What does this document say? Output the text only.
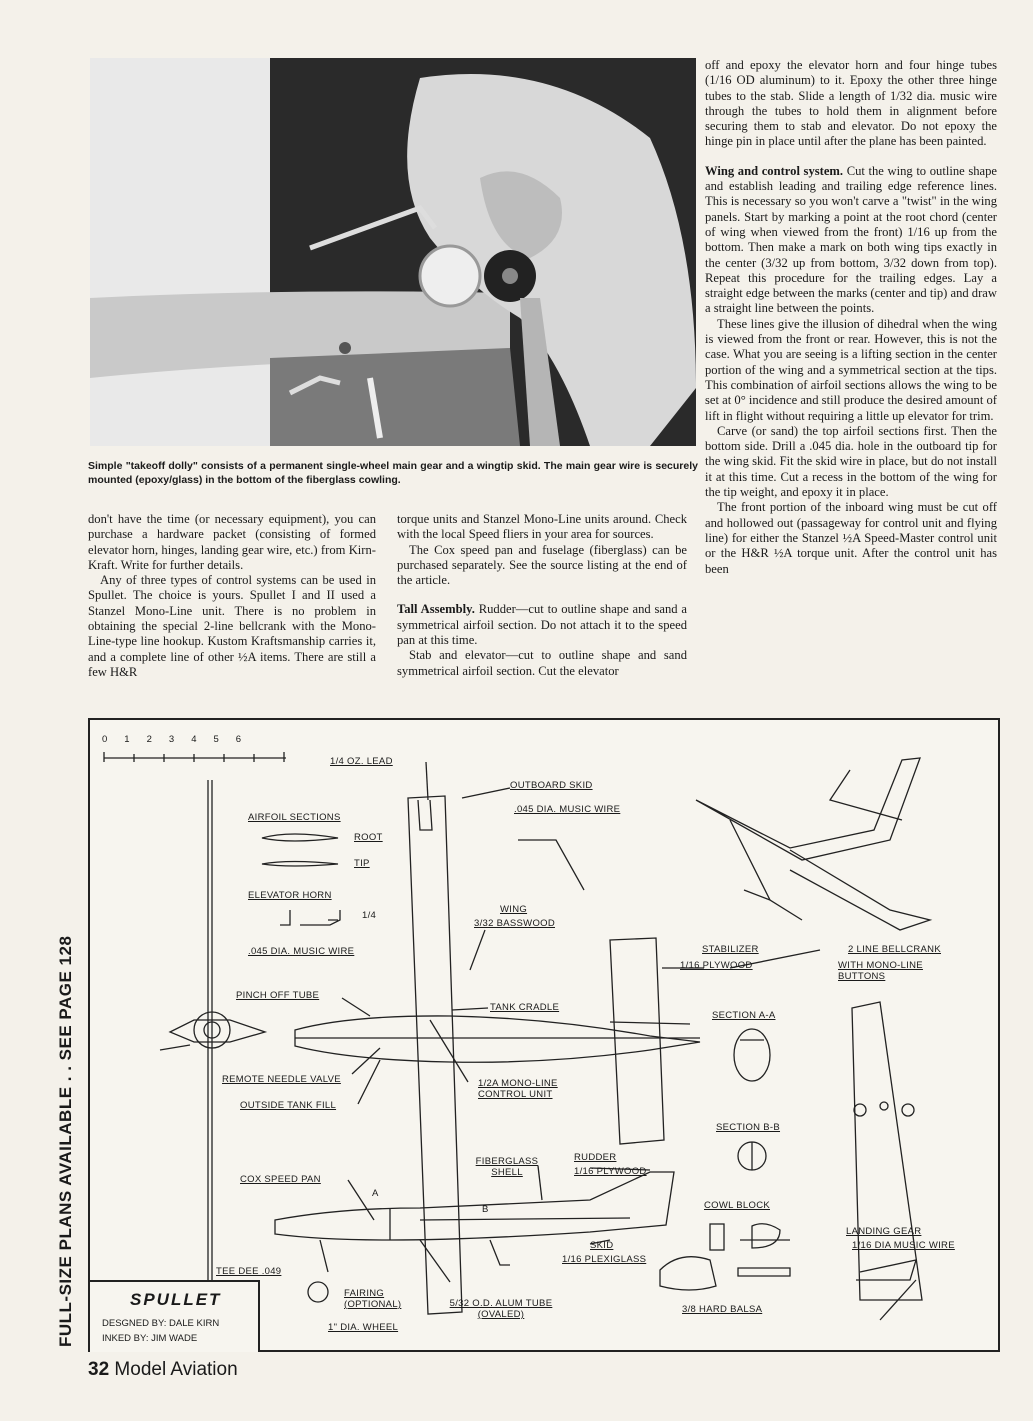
Simple "takeoff dolly" consists of a permanent single-wheel main gear and a wingtip skid. The main gear wire is securely mounted (epoxy/glass) in the bottom of the fiberglass cowling.

don't have the time (or necessary equipment), you can purchase a hardware packet (consisting of formed elevator horn, hinges, landing gear wire, etc.) from Kirn-Kraft. Write for further details.

Any of three types of control systems can be used in Spullet. The choice is yours. Spullet I and II used a Stanzel Mono-Line unit. There is no problem in obtaining the special 2-line bellcrank with the Mono-Line-type line hookup. Kustom Kraftsmanship carries it, and a complete line of other ½A items. There are still a few H&R

torque units and Stanzel Mono-Line units around. Check with the local Speed fliers in your area for sources.

The Cox speed pan and fuselage (fiberglass) can be purchased separately. See the source listing at the end of the article.

Tall Assembly. Rudder—cut to outline shape and sand a symmetrical airfoil section. Do not attach it to the speed pan at this time.

Stab and elevator—cut to outline shape and sand symmetrical airfoil section. Cut the elevator

off and epoxy the elevator horn and four hinge tubes (1/16 OD aluminum) to it. Epoxy the other three hinge tubes to the stab. Slide a length of 1/32 dia. music wire through the tubes to hold them in alignment before securing them to stab and elevator. Do not epoxy the hinge pin in place until after the plane has been painted.

Wing and control system. Cut the wing to outline shape and establish leading and trailing edge reference lines. This is necessary so you won't carve a "twist" in the wing panels. Start by marking a point at the root chord (center of wing when viewed from the front) 1/16 up from the bottom. Then make a mark on both wing tips exactly in the center (3/32 up from bottom, 3/32 down from top). Repeat this procedure for the trailing edges. Lay a straight edge between the marks (center and tip) and draw a straight line between the points.

These lines give the illusion of dihedral when the wing is viewed from the front or rear. However, this is not the case. What you are seeing is a lifting section in the center portion of the wing and a symmetrical section at the tips. This combination of airfoil sections allows the wing to be set at 0° incidence and still produce the desired amount of lift in flight without requiring a little up elevator for trim.

Carve (or sand) the top airfoil sections first. Then the bottom side. Drill a .045 dia. hole in the outboard tip for the wing skid. Fit the skid wire in place, but do not install it at this time. Cut a recess in the bottom of the wing for the tip weight, and epoxy it in place.

The front portion of the inboard wing must be cut off and hollowed out (passageway for control unit and flying line) for either the Stanzel ½A Speed-Master control unit or the H&R ½A torque unit. After the control unit has been

0123456
1/4 OZ. LEAD
OUTBOARD SKID
.045 DIA. MUSIC WIRE
AIRFOIL SECTIONS
ROOT
TIP
ELEVATOR HORN
1/4
.045 DIA. MUSIC WIRE
WING
3/32 BASSWOOD
STABILIZER
1/16 PLYWOOD
2 LINE BELLCRANK
WITH MONO-LINE BUTTONS
PINCH OFF TUBE
TANK CRADLE
SECTION A-A
REMOTE NEEDLE VALVE	1/2A MONO-LINE CONTROL UNIT
OUTSIDE TANK FILL
SECTION B-B
FIBERGLASS SHELL
RUDDER
1/16 PLYWOOD
COX SPEED PAN
COWL BLOCK
A
B
SKID
1/16 PLEXIGLASS
LANDING GEAR
1/16 DIA MUSIC WIRE
TEE DEE .049
FAIRING (OPTIONAL)	5/32 O.D. ALUM TUBE (OVALED)	3/8 HARD BALSA
1" DIA. WHEEL
SPULLET
DESGNED BY: DALE KIRN
INKED BY: JIM WADE
FULL-SIZE PLANS AVAILABLE . . SEE PAGE 128
32 Model Aviation
